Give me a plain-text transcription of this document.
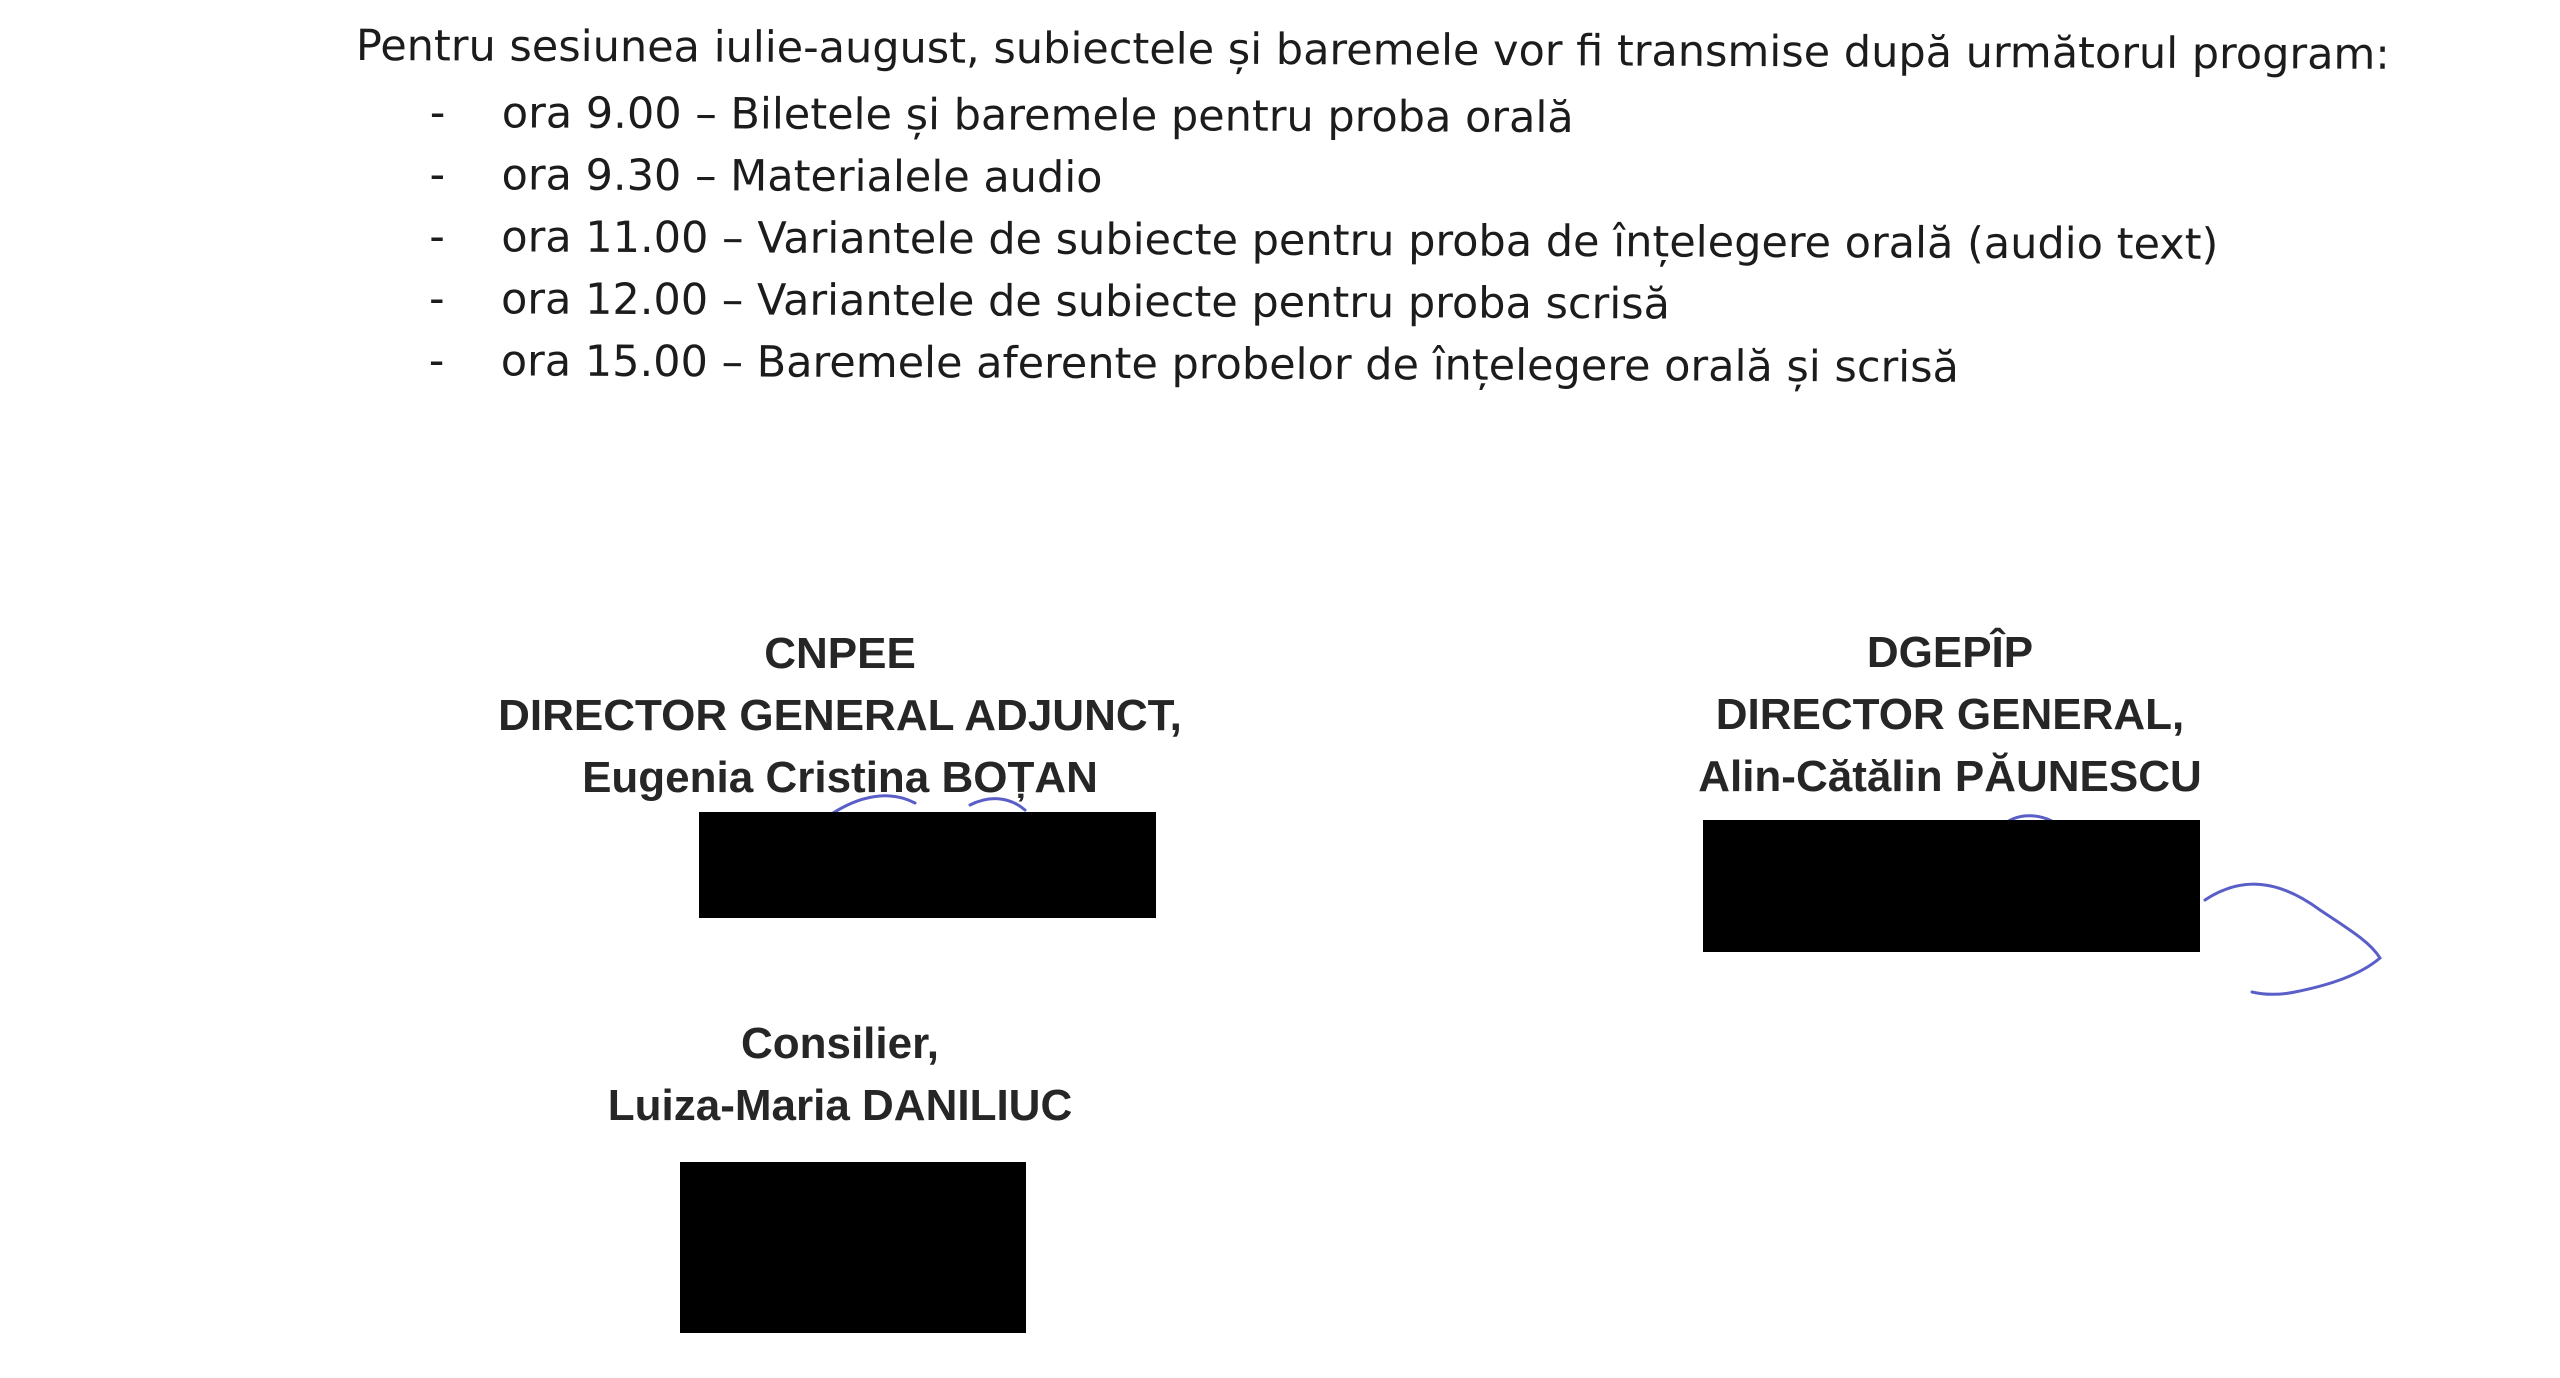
Pentru sesiunea iulie-august, subiectele și baremele vor fi transmise după următorul program:
- ora 9.00 – Biletele și baremele pentru proba orală
- ora 9.30 – Materialele audio
- ora 11.00 – Variantele de subiecte pentru proba de înțelegere orală (audio text)
- ora 12.00 – Variantele de subiecte pentru proba scrisă
- ora 15.00 – Baremele aferente probelor de înțelegere orală și scrisă
CNPEE
DIRECTOR GENERAL ADJUNCT,
Eugenia Cristina BOȚAN
DGEPÎP
DIRECTOR GENERAL,
Alin-Cătălin PĂUNESCU
Consilier,
Luiza-Maria DANILIUC
